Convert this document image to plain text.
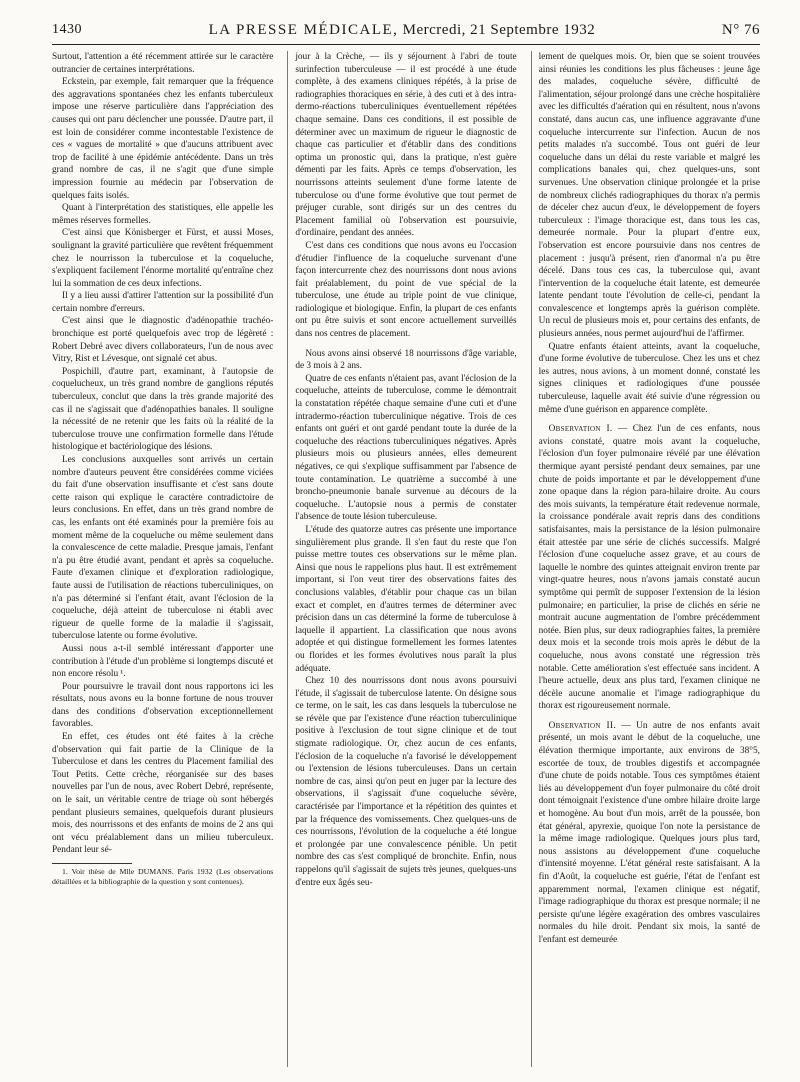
1430	LA PRESSE MÉDICALE, Mercredi, 21 Septembre 1932	N° 76

Surtout, l'attention a été récemment attirée sur le caractère outrancier de certaines interprétations.

Eckstein, par exemple, fait remarquer que la fréquence des aggravations spontanées chez les enfants tuberculeux impose une réserve particulière dans l'appréciation des causes qui ont paru déclencher une poussée. D'autre part, il est loin de considérer comme incontestable l'existence de ces « vagues de mortalité » que d'aucuns attribuent avec trop de facilité à une épidémie antécédente. Dans un très grand nombre de cas, il ne s'agit que d'une simple impression fournie au médecin par l'observation de quelques faits isolés.

Quant à l'interprétation des statistiques, elle appelle les mêmes réserves formelles.

C'est ainsi que Könisberger et Fürst, et aussi Moses, soulignant la gravité particulière que revêtent fréquemment chez le nourrisson la tuberculose et la coqueluche, s'expliquent facilement l'énorme mortalité qu'entraîne chez lui la sommation de ces deux infections.

Il y a lieu aussi d'attirer l'attention sur la possibilité d'un certain nombre d'erreurs.

C'est ainsi que le diagnostic d'adénopathie trachéo-bronchique est porté quelquefois avec trop de légèreté : Robert Debré avec divers collaborateurs, l'un de nous avec Vitry, Rist et Lévesque, ont signalé cet abus.

Pospichill, d'autre part, examinant, à l'autopsie de coquelucheux, un très grand nombre de ganglions réputés tuberculeux, conclut que dans la très grande majorité des cas il ne s'agissait que d'adénopathies banales. Il souligne la nécessité de ne retenir que les faits où la réalité de la tuberculose trouve une confirmation formelle dans l'étude histologique et bactériologique des lésions.

Les conclusions auxquelles sont arrivés un certain nombre d'auteurs peuvent être considérées comme viciées du fait d'une observation insuffisante et c'est sans doute cette raison qui explique le caractère contradictoire de leurs conclusions. En effet, dans un très grand nombre de cas, les enfants ont été examinés pour la première fois au moment même de la coqueluche ou même seulement dans la convalescence de cette maladie. Presque jamais, l'enfant n'a pu être étudié avant, pendant et après sa coqueluche. Faute d'examen clinique et d'exploration radiologique, faute aussi de l'utilisation de réactions tuberculiniques, on n'a pas déterminé si l'enfant était, avant l'éclosion de la coqueluche, déjà atteint de tuberculose ni établi avec rigueur de quelle forme de la maladie il s'agissait, tuberculose latente ou forme évolutive.

Aussi nous a-t-il semblé intéressant d'apporter une contribution à l'étude d'un problème si longtemps discuté et non encore résolu ¹.

Pour poursuivre le travail dont nous rapportons ici les résultats, nous avons eu la bonne fortune de nous trouver dans des conditions d'observation exceptionnellement favorables.

En effet, ces études ont été faites à la crèche d'observation qui fait partie de la Clinique de la Tuberculose et dans les centres du Placement familial des Tout Petits. Cette crèche, réorganisée sur des bases nouvelles par l'un de nous, avec Robert Debré, représente, on le sait, un véritable centre de triage où sont hébergés pendant plusieurs semaines, quelquefois durant plusieurs mois, des nourrissons et des enfants de moins de 2 ans qui ont vécu préalablement dans un milieu tuberculeux. Pendant leur sé-

1. Voir thèse de Mlle DUMANS. Paris 1932 (Les observations détaillées et la bibliographie de la question y sont contenues).

jour à la Crèche, — ils y séjournent à l'abri de toute surinfection tuberculeuse — il est procédé à une étude complète, à des examens cliniques répétés, à la prise de radiographies thoraciques en série, à des cuti et à des intra-dermo-réactions tuberculiniques éventuellement répétées chaque semaine. Dans ces conditions, il est possible de déterminer avec un maximum de rigueur le diagnostic de chaque cas particulier et d'établir dans des conditions optima un pronostic qui, dans la pratique, n'est guère démenti par les faits. Après ce temps d'observation, les nourrissons atteints seulement d'une forme latente de tuberculose ou d'une forme évolutive que tout permet de préjuger curable, sont dirigés sur un des centres du Placement familial où l'observation est poursuivie, d'ordinaire, pendant des années.

C'est dans ces conditions que nous avons eu l'occasion d'étudier l'influence de la coqueluche survenant d'une façon intercurrente chez des nourrissons dont nous avions fait préalablement, du point de vue spécial de la tuberculose, une étude au triple point de vue clinique, radiologique et biologique. Enfin, la plupart de ces enfants ont pu être suivis et sont encore actuellement surveillés dans nos centres de placement.

Nous avons ainsi observé 18 nourrissons d'âge variable, de 3 mois à 2 ans.

Quatre de ces enfants n'étaient pas, avant l'éclosion de la coqueluche, atteints de tuberculose, comme le démontrait la constatation répétée chaque semaine d'une cuti et d'une intradermo-réaction tuberculinique négative. Trois de ces enfants ont guéri et ont gardé pendant toute la durée de la coqueluche des réactions tuberculiniques négatives. Après plusieurs mois ou plusieurs années, elles demeurent négatives, ce qui s'explique suffisamment par l'absence de toute contamination. Le quatrième a succombé à une broncho-pneumonie banale survenue au décours de la coqueluche. L'autopsie nous a permis de constater l'absence de toute lésion tuberculeuse.

L'étude des quatorze autres cas présente une importance singulièrement plus grande. Il s'en faut du reste que l'on puisse mettre toutes ces observations sur le même plan. Ainsi que nous le rappelions plus haut. Il est extrêmement important, si l'on veut tirer des observations faites des conclusions valables, d'établir pour chaque cas un bilan exact et complet, en d'autres termes de déterminer avec précision dans un cas déterminé la forme de tuberculose à laquelle il appartient. La classification que nous avons adoptée et qui distingue formellement les formes latentes ou florides et les formes évolutives nous paraît la plus adéquate.

Chez 10 des nourrissons dont nous avons poursuivi l'étude, il s'agissait de tuberculose latente. On désigne sous ce terme, on le sait, les cas dans lesquels la tuberculose ne se révèle que par l'existence d'une réaction tuberculinique positive à l'exclusion de tout signe clinique et de tout stigmate radiologique. Or, chez aucun de ces enfants, l'éclosion de la coqueluche n'a favorisé le développement ou l'extension de lésions tuberculeuses. Dans un certain nombre de cas, ainsi qu'on peut en juger par la lecture des observations, il s'agissait d'une coqueluche sévère, caractérisée par l'importance et la répétition des quintes et par la fréquence des vomissements. Chez quelques-uns de ces nourrissons, l'évolution de la coqueluche a été longue et prolongée par une convalescence pénible. Un petit nombre des cas s'est compliqué de bronchite. Enfin, nous rappelons qu'il s'agissait de sujets très jeunes, quelques-uns d'entre eux âgés seu-

lement de quelques mois. Or, bien que se soient trouvées ainsi réunies les conditions les plus fâcheuses : jeune âge des malades, coqueluche sévère, difficulté de l'alimentation, séjour prolongé dans une crèche hospitalière avec les difficultés d'aération qui en résultent, nous n'avons constaté, dans aucun cas, une influence aggravante d'une coqueluche intercurrente sur l'infection. Aucun de nos petits malades n'a succombé. Tous ont guéri de leur coqueluche dans un délai du reste variable et malgré les complications banales qui, chez quelques-uns, sont survenues. Une observation clinique prolongée et la prise de nombreux clichés radiographiques du thorax n'a permis de déceler chez aucun d'eux, le développement de foyers tuberculeux : l'image thoracique est, dans tous les cas, demeurée normale. Pour la plupart d'entre eux, l'observation est encore poursuivie dans nos centres de placement : jusqu'à présent, rien d'anormal n'a pu être décelé. Dans tous ces cas, la tuberculose qui, avant l'intervention de la coqueluche était latente, est demeurée latente pendant toute l'évolution de celle-ci, pendant la convalescence et longtemps après la guérison complète. Un recul de plusieurs mois et, pour certains des enfants, de plusieurs années, nous permet aujourd'hui de l'affirmer.

Quatre enfants étaient atteints, avant la coqueluche, d'une forme évolutive de tuberculose. Chez les uns et chez les autres, nous avions, à un moment donné, constaté les signes cliniques et radiologiques d'une poussée tuberculeuse, laquelle avait été suivie d'une régression ou même d'une guérison en apparence complète.

Observation I. — Chez l'un de ces enfants, nous avions constaté, quatre mois avant la coqueluche, l'éclosion d'un foyer pulmonaire révélé par une élévation thermique ayant persisté pendant deux semaines, par une chute de poids importante et par le développement d'une zone opaque dans la région para-hilaire droite. Au cours des mois suivants, la température était redevenue normale, la croissance pondérale avait repris dans des conditions satisfaisantes, mais la persistance de la lésion pulmonaire était attestée par une série de clichés successifs. Malgré l'éclosion d'une coqueluche assez grave, et au cours de laquelle le nombre des quintes atteignait environ trente par vingt-quatre heures, nous n'avons jamais constaté aucun symptôme qui permît de supposer l'extension de la lésion pulmonaire; en particulier, la prise de clichés en série ne montrait aucune augmentation de l'ombre précédemment notée. Bien plus, sur deux radiographies faites, la première deux mois et la seconde trois mois après le début de la coqueluche, nous avons constaté une régression très notable. Cette amélioration s'est effectuée sans incident. A l'heure actuelle, deux ans plus tard, l'examen clinique ne décèle aucune anomalie et l'image radiographique du thorax est rigoureusement normale.

Observation II. — Un autre de nos enfants avait présenté, un mois avant le début de la coqueluche, une élévation thermique importante, aux environs de 38°5, escortée de toux, de troubles digestifs et accompagnée d'une chute de poids notable. Tous ces symptômes étaient liés au développement d'un foyer pulmonaire du côté droit dont témoignait l'existence d'une ombre hilaire droite large et homogène. Au bout d'un mois, arrêt de la poussée, bon état général, apyrexie, quoique l'on note la persistance de la même image radiologique. Quelques jours plus tard, nous assistons au développement d'une coqueluche d'intensité moyenne. L'état général reste satisfaisant. A la fin d'Août, la coqueluche est guérie, l'état de l'enfant est apparemment normal, l'examen clinique est négatif, l'image radiographique du thorax est presque normale; il ne persiste qu'une légère exagération des ombres vasculaires normales du hile droit. Pendant six mois, la santé de l'enfant est demeurée
